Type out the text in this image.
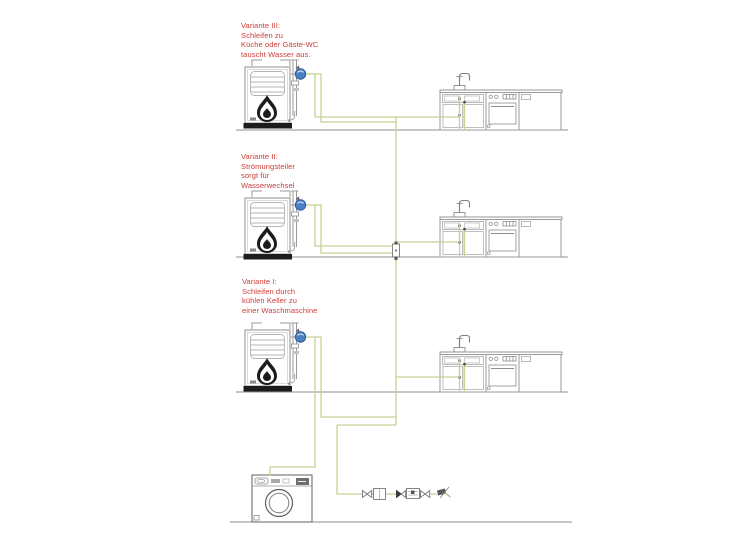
Variante III:
Schleifen zu
Küche oder Gäste-WC
tauscht Wasser aus.
Variante II:
Strömungsteiler
sorgt für
Wasserwechsel
Variante I:
Schleifen durch
kühlen Keller zu
einer Waschmaschine
